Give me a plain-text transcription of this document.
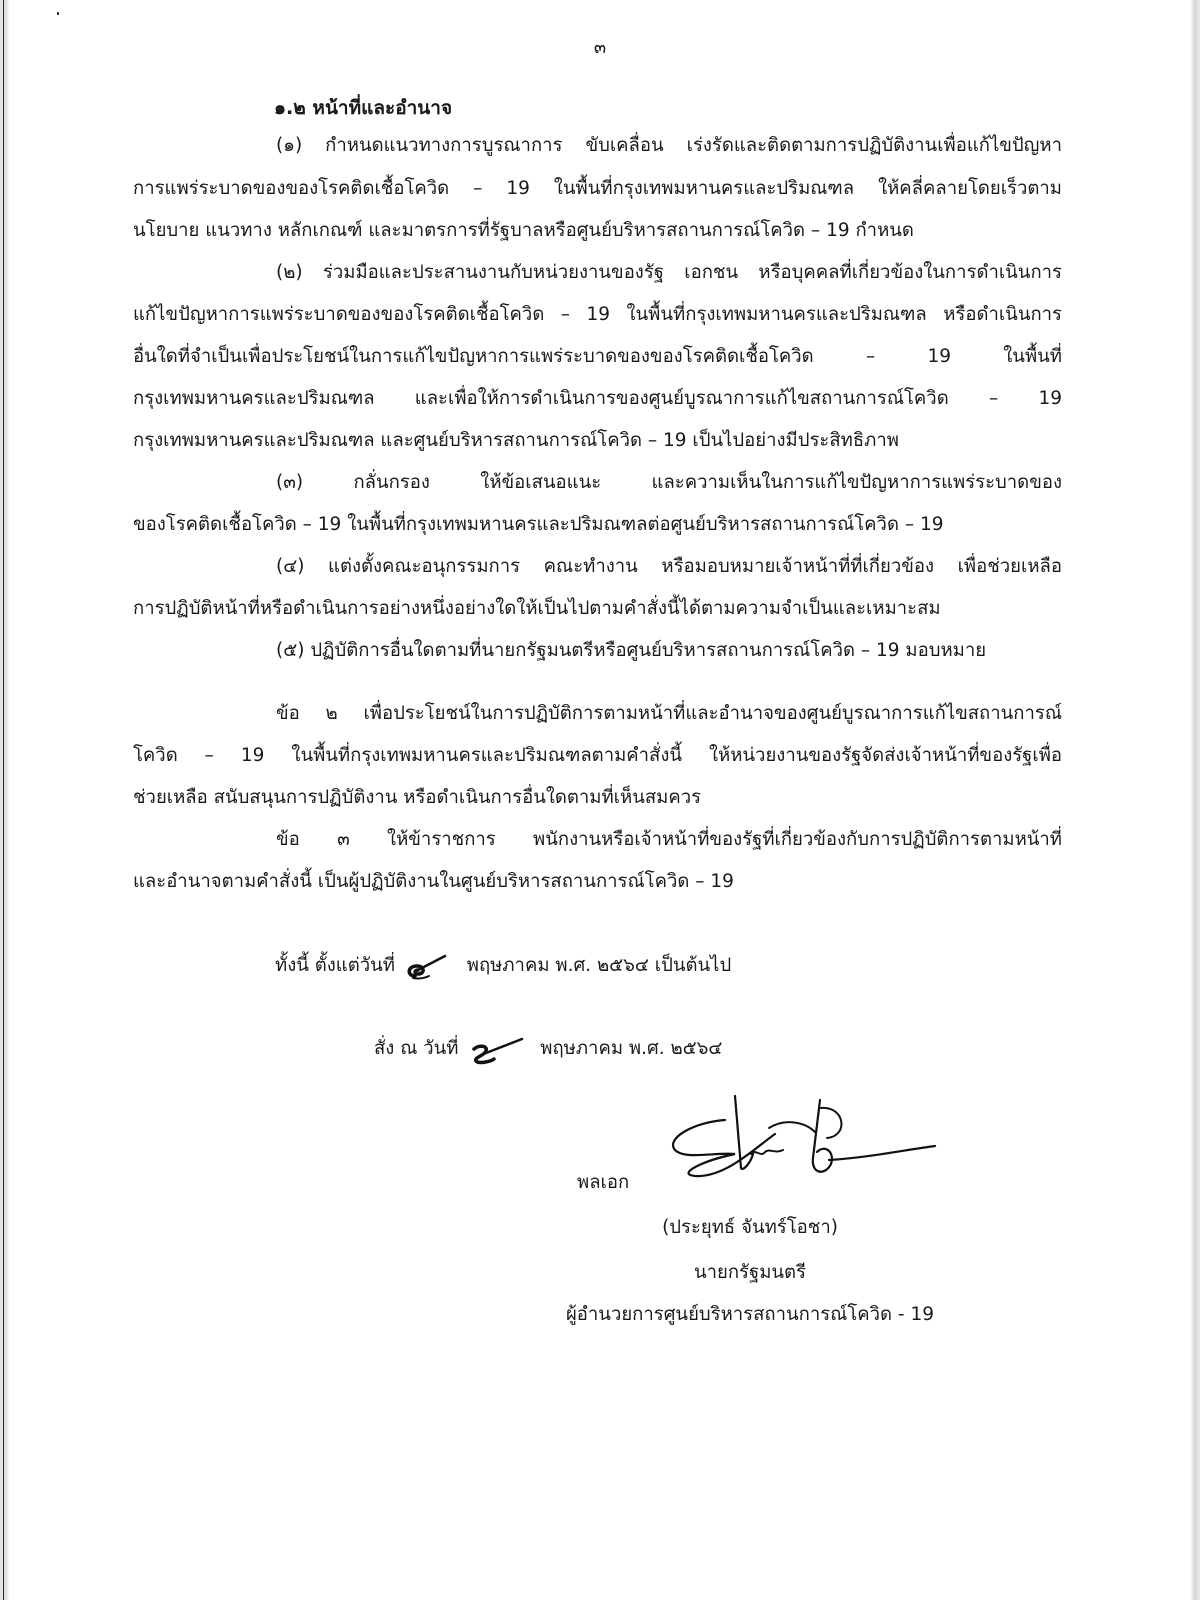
๓
๑.๒ หน้าที่และอำนาจ
(๑) กำหนดแนวทางการบูรณาการ ขับเคลื่อน เร่งรัดและติดตามการปฏิบัติงานเพื่อแก้ไขปัญหา
การแพร่ระบาดของของโรคติดเชื้อโควิด – 19 ในพื้นที่กรุงเทพมหานครและปริมณฑล ให้คลี่คลายโดยเร็วตาม
นโยบาย แนวทาง หลักเกณฑ์ และมาตรการที่รัฐบาลหรือศูนย์บริหารสถานการณ์โควิด – 19 กำหนด
(๒) ร่วมมือและประสานงานกับหน่วยงานของรัฐ เอกชน หรือบุคคลที่เกี่ยวข้องในการดำเนินการ
แก้ไขปัญหาการแพร่ระบาดของของโรคติดเชื้อโควิด – 19 ในพื้นที่กรุงเทพมหานครและปริมณฑล หรือดำเนินการ
อื่นใดที่จำเป็นเพื่อประโยชน์ในการแก้ไขปัญหาการแพร่ระบาดของของโรคติดเชื้อโควิด – 19 ในพื้นที่
กรุงเทพมหานครและปริมณฑล และเพื่อให้การดำเนินการของศูนย์บูรณาการแก้ไขสถานการณ์โควิด – 19
กรุงเทพมหานครและปริมณฑล และศูนย์บริหารสถานการณ์โควิด – 19 เป็นไปอย่างมีประสิทธิภาพ
(๓) กลั่นกรอง ให้ข้อเสนอแนะ และความเห็นในการแก้ไขปัญหาการแพร่ระบาดของ
ของโรคติดเชื้อโควิด – 19 ในพื้นที่กรุงเทพมหานครและปริมณฑลต่อศูนย์บริหารสถานการณ์โควิด – 19
(๔) แต่งตั้งคณะอนุกรรมการ คณะทำงาน หรือมอบหมายเจ้าหน้าที่ที่เกี่ยวข้อง เพื่อช่วยเหลือ
การปฏิบัติหน้าที่หรือดำเนินการอย่างหนึ่งอย่างใดให้เป็นไปตามคำสั่งนี้ได้ตามความจำเป็นและเหมาะสม
(๕) ปฏิบัติการอื่นใดตามที่นายกรัฐมนตรีหรือศูนย์บริหารสถานการณ์โควิด – 19 มอบหมาย
ข้อ ๒ เพื่อประโยชน์ในการปฏิบัติการตามหน้าที่และอำนาจของศูนย์บูรณาการแก้ไขสถานการณ์
โควิด – 19 ในพื้นที่กรุงเทพมหานครและปริมณฑลตามคำสั่งนี้ ให้หน่วยงานของรัฐจัดส่งเจ้าหน้าที่ของรัฐเพื่อ
ช่วยเหลือ สนับสนุนการปฏิบัติงาน หรือดำเนินการอื่นใดตามที่เห็นสมควร
ข้อ ๓ ให้ข้าราชการ พนักงานหรือเจ้าหน้าที่ของรัฐที่เกี่ยวข้องกับการปฏิบัติการตามหน้าที่
และอำนาจตามคำสั่งนี้ เป็นผู้ปฏิบัติงานในศูนย์บริหารสถานการณ์โควิด – 19
ทั้งนี้ ตั้งแต่วันที่	พฤษภาคม พ.ศ. ๒๕๖๔ เป็นต้นไป
สั่ง ณ วันที่	พฤษภาคม พ.ศ. ๒๕๖๔
พลเอก
(ประยุทธ์ จันทร์โอชา)
นายกรัฐมนตรี
ผู้อำนวยการศูนย์บริหารสถานการณ์โควิด - 19
